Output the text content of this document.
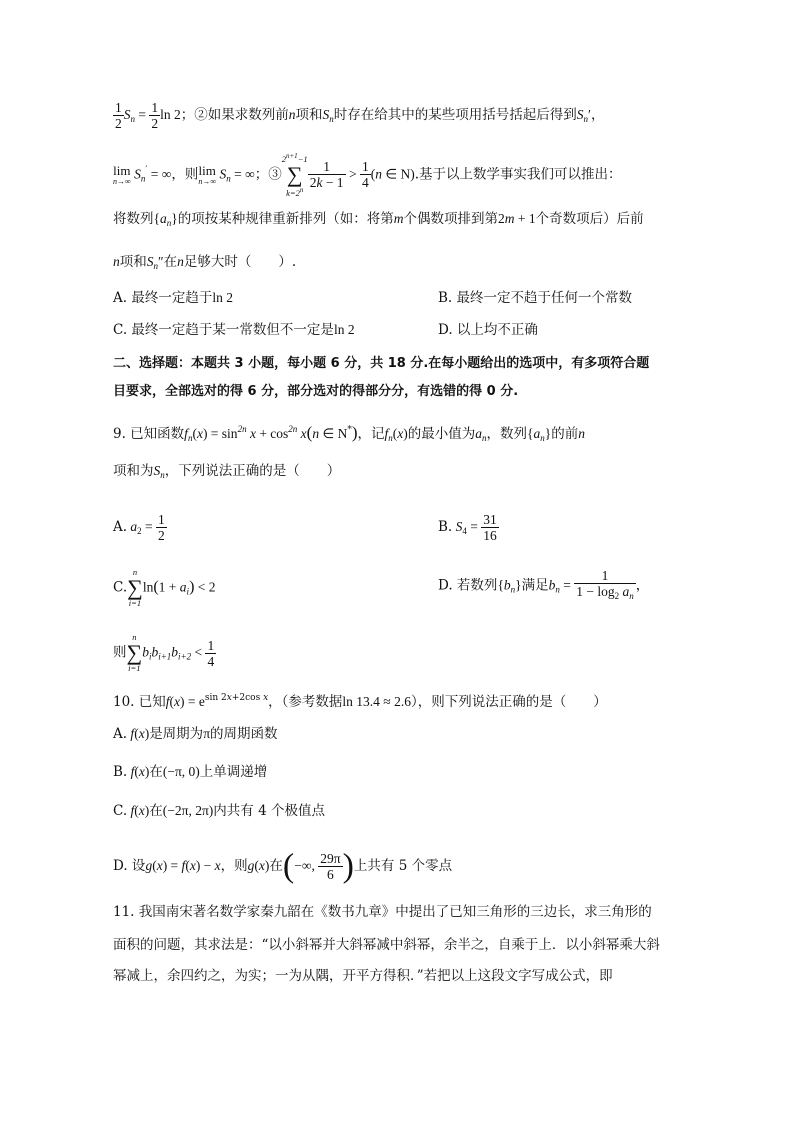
$\frac{1}{2} S_n = \frac{1}{2}$ ln 2；②如果求数列前n项和$S_n$时存在给其中的某些项用括号括起后得到$S_n'$，
lim
n→∞ $S_n'$ = ∞，则 lim
n→∞ $S_n$ = ∞；③
$2^{n+1}-1$
∑
$k=2^n \frac{1}{2k - 1} > \frac{1}{4} (n$ ∈ N).基于以上数学事实我们可以推出：
将数列$\{a_n\}$的项按某种规律重新排列（如：将第m个偶数项排到第2m + 1个奇数项后）后前
n项和$S_n''$在n足够大时（　　）.
A. 最终一定趋于ln 2	B. 最终一定不趋于任何一个常数
C. 最终一定趋于某一常数但不一定是ln 2	D. 以上均不正确
二、选择题：本题共 3 小题，每小题 6 分，共 18 分.在每小题给出的选项中，有多项符合题
目要求，全部选对的得 6 分，部分选对的得部分分，有选错的得 0 分.
9. 已知函数$f_n(x) = \sin^{2n} x + \cos^{2n} x(n$ ∈ N*)，记$f_n(x)$的最小值为$a_n$，数列$\{a_n\}$的前n
项和为$S_n$，下列说法正确的是（　　）
A. $a_2 = \frac{1}{2}$	B. $S_4 = \frac{31}{16}$
C.
n
∑
i=1
$\ln(1 + a_i) < 2$	D. 若数列$\{b_n\}$满足$b_n = \frac{1}{1 - \log_2 a_n}$ ，
则
n
∑
i=1
$b_ib_{i+1}b_{i+2} < \frac{1}{4}$
10. 已知$f(x) = e^{sin 2x+2cos x}$，（参考数据ln 13.4 ≈ 2.6），则下列说法正确的是（　　）
A. f(x)是周期为π的周期函数
B. f(x)在(−π, 0)上单调递增
C. f(x)在(−2π, 2π)内共有 4 个极值点
D. 设g(x) = f(x) − x，则g(x)在(−∞, $\frac{29\pi}{6}$ )上共有 5 个零点
11. 我国南宋著名数学家秦九韶在《数书九章》中提出了已知三角形的三边长，求三角形的
面积的问题，其求法是：“以小斜幂并大斜幂减中斜幂，余半之，自乘于上．以小斜幂乘大斜
幂减上，余四约之，为实；一为从隅，开平方得积．”若把以上这段文字写成公式，即
